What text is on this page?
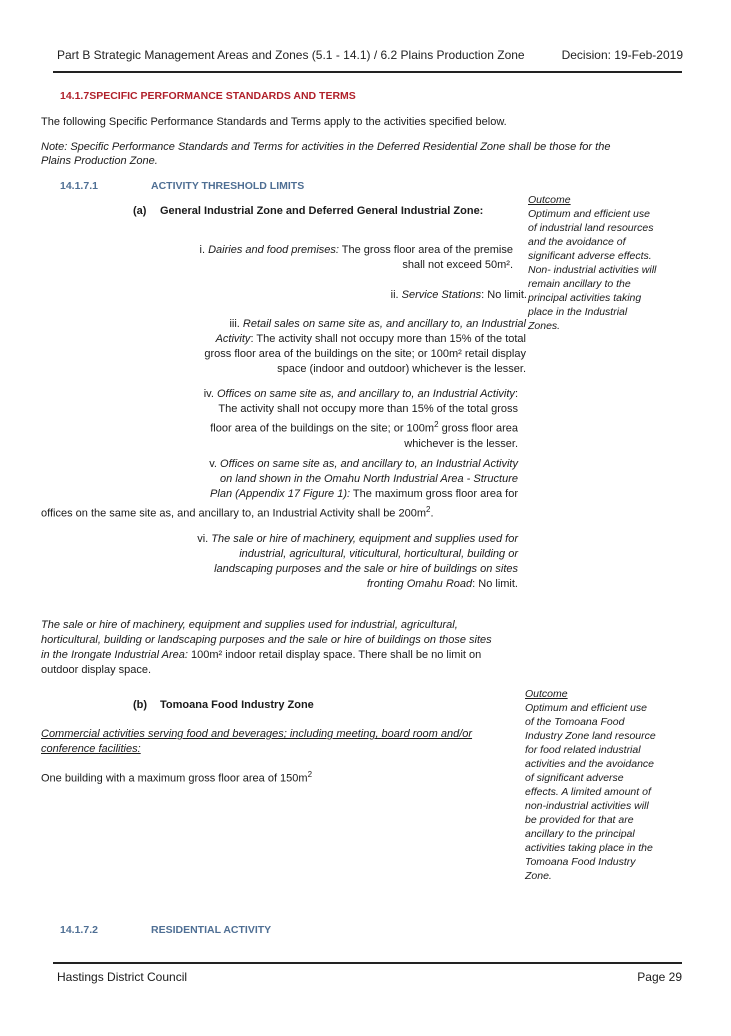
Part B Strategic Management Areas and Zones (5.1 - 14.1) / 6.2 Plains Production Zone	Decision: 19-Feb-2019
14.1.7SPECIFIC PERFORMANCE STANDARDS AND TERMS
The following Specific Performance Standards and Terms apply to the activities specified below.
Note: Specific Performance Standards and Terms for activities in the Deferred Residential Zone shall be those for the Plains Production Zone.
14.1.7.1	ACTIVITY THRESHOLD LIMITS
(a) General Industrial Zone and Deferred General Industrial Zone:
i. Dairies and food premises: The gross floor area of the premise
shall not exceed 50m².
ii. Service Stations: No limit.
iii. Retail sales on same site as, and ancillary to, an Industrial
Activity: The activity shall not occupy more than 15% of the total
gross floor area of the buildings on the site; or 100m² retail display
space (indoor and outdoor) whichever is the lesser.
iv. Offices on same site as, and ancillary to, an Industrial Activity:
The activity shall not occupy more than 15% of the total gross
floor area of the buildings on the site; or $100m^2$ gross floor area
whichever is the lesser.
v. Offices on same site as, and ancillary to, an Industrial Activity
on land shown in the Omahu North Industrial Area - Structure
Plan (Appendix 17 Figure 1): The maximum gross floor area for
offices on the same site as, and ancillary to, an Industrial Activity shall be $200m^2$.
vi. The sale or hire of machinery, equipment and supplies used for
industrial, agricultural, viticultural, horticultural, building or
landscaping purposes and the sale or hire of buildings on sites
fronting Omahu Road: No limit.
The sale or hire of machinery, equipment and supplies used for industrial, agricultural,
horticultural, building or landscaping purposes and the sale or hire of buildings on those sites
in the Irongate Industrial Area: 100m² indoor retail display space. There shall be no limit on
outdoor display space.
Outcome
Optimum and efficient use
of industrial land resources
and the avoidance of
significant adverse effects.
Non- industrial activities will
remain ancillary to the
principal activities taking
place in the Industrial
Zones.
(b) Tomoana Food Industry Zone
Commercial activities serving food and beverages; including meeting, board room and/or
conference facilities:
One building with a maximum gross floor area of $150m^2$
Outcome
Optimum and efficient use
of the Tomoana Food
Industry Zone land resource
for food related industrial
activities and the avoidance
of significant adverse
effects. A limited amount of
non-industrial activities will
be provided for that are
ancillary to the principal
activities taking place in the
Tomoana Food Industry
Zone.
14.1.7.2	RESIDENTIAL ACTIVITY
Hastings District Council	Page 29
